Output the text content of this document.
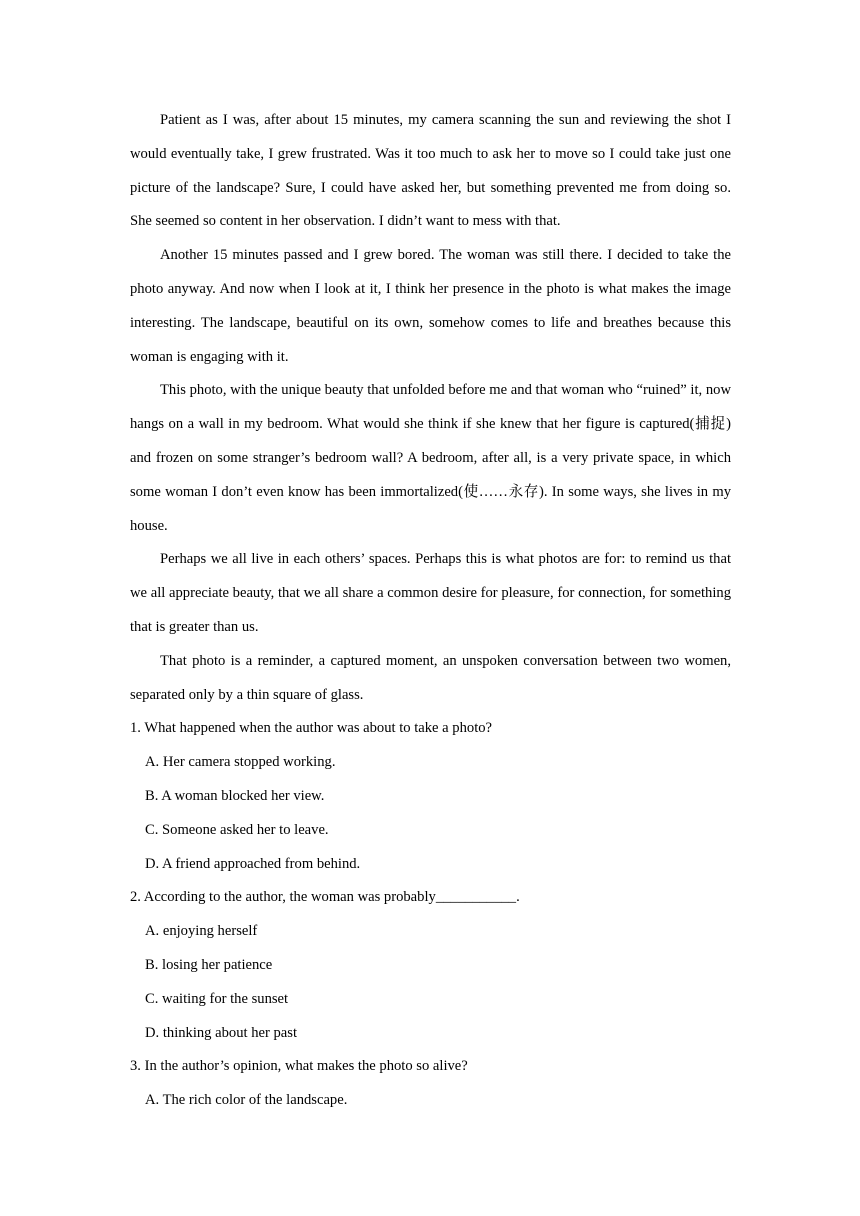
Patient as I was, after about 15 minutes, my camera scanning the sun and reviewing the shot I would eventually take, I grew frustrated. Was it too much to ask her to move so I could take just one picture of the landscape? Sure, I could have asked her, but something prevented me from doing so. She seemed so content in her observation. I didn’t want to mess with that.

Another 15 minutes passed and I grew bored. The woman was still there. I decided to take the photo anyway. And now when I look at it, I think her presence in the photo is what makes the image interesting. The landscape, beautiful on its own, somehow comes to life and breathes because this woman is engaging with it.

This photo, with the unique beauty that unfolded before me and that woman who “ruined” it, now hangs on a wall in my bedroom. What would she think if she knew that her figure is captured(捕捉) and frozen on some stranger’s bedroom wall? A bedroom, after all, is a very private space, in which some woman I don’t even know has been immortalized(使……永存). In some ways, she lives in my house.

Perhaps we all live in each others’ spaces. Perhaps this is what photos are for: to remind us that we all appreciate beauty, that we all share a common desire for pleasure, for connection, for something that is greater than us.

That photo is a reminder, a captured moment, an unspoken conversation between two women, separated only by a thin square of glass.

1. What happened when the author was about to take a photo?

A. Her camera stopped working.

B. A woman blocked her view.

C. Someone asked her to leave.

D. A friend approached from behind.

2. According to the author, the woman was probably___________.

A. enjoying herself

B. losing her patience

C. waiting for the sunset

D. thinking about her past

3. In the author’s opinion, what makes the photo so alive?

A. The rich color of the landscape.
